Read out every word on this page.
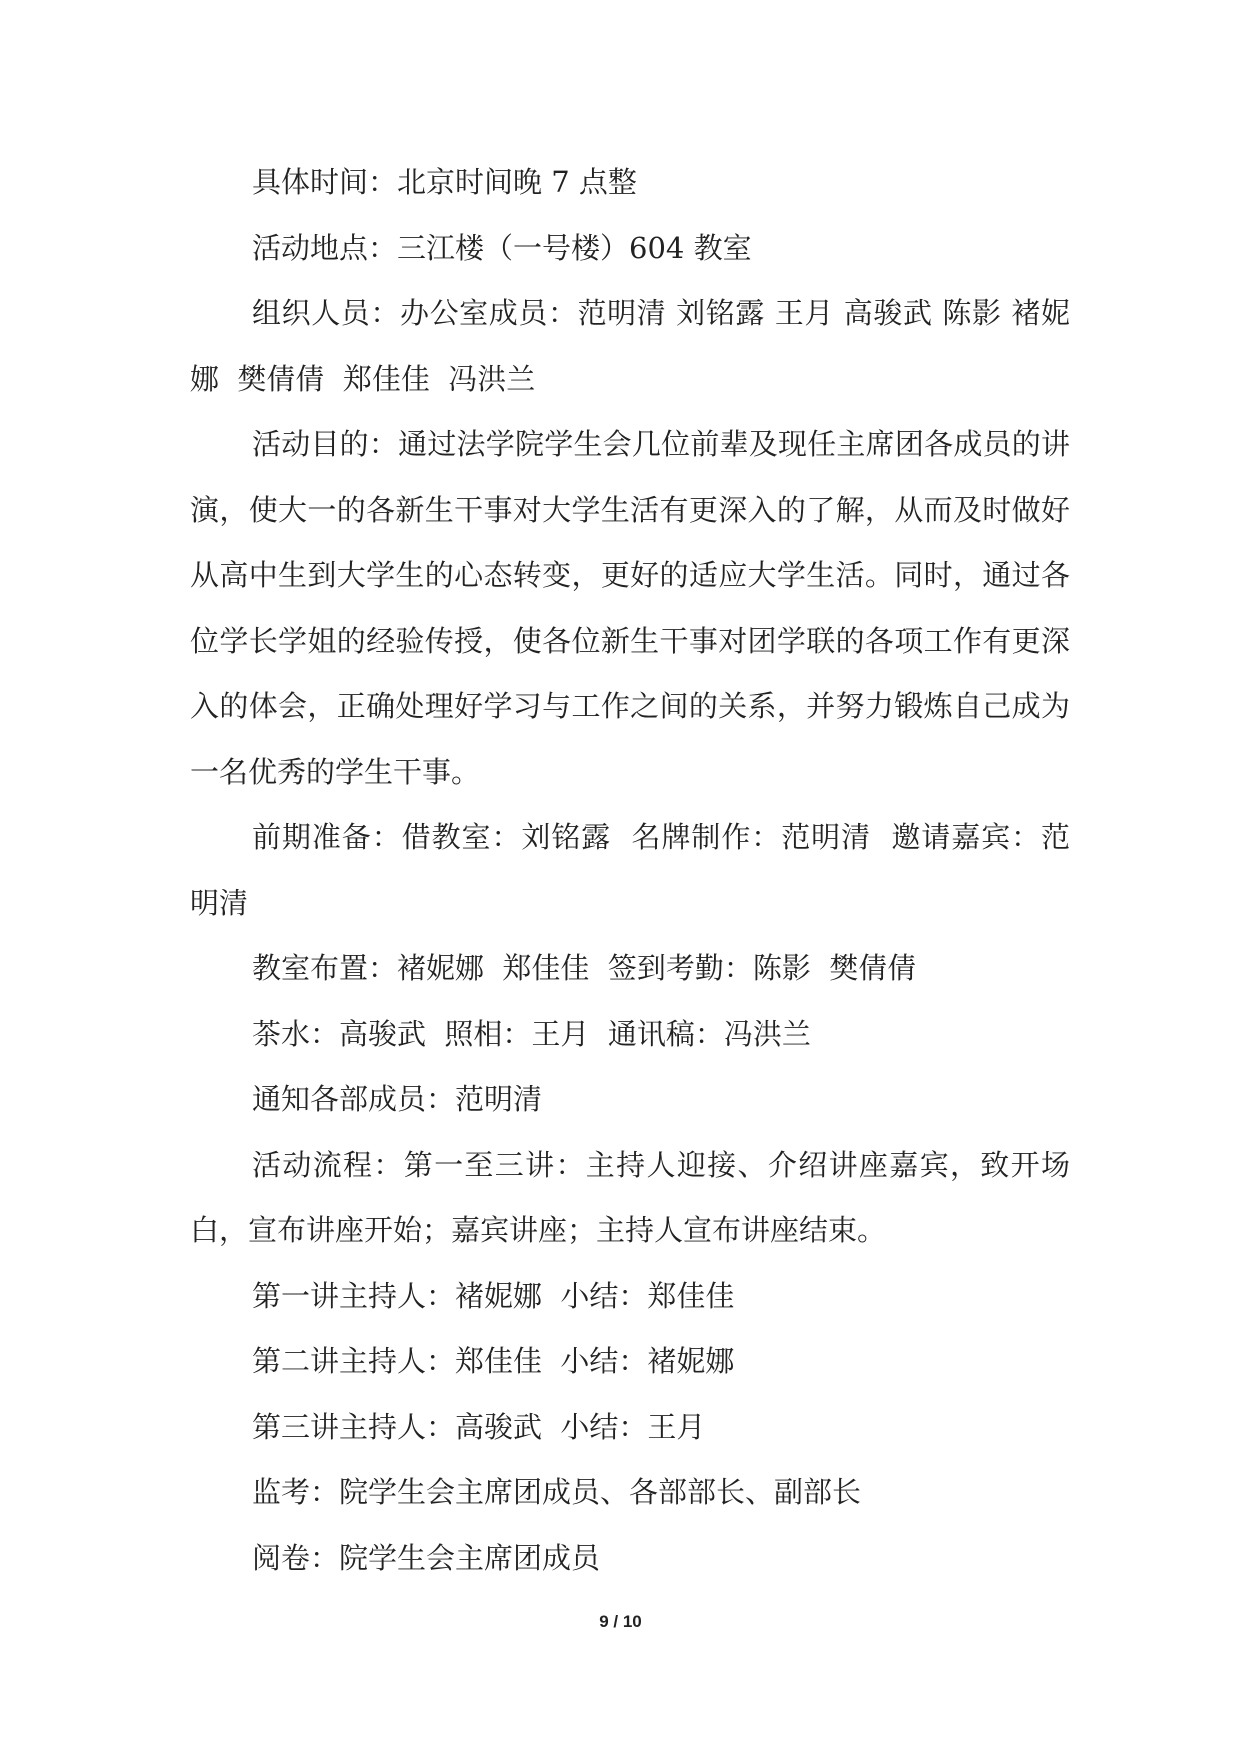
具体时间：北京时间晚 7 点整

活动地点：三江楼（一号楼）604 教室

组织人员：办公室成员：范明清 刘铭露 王月 高骏武 陈影 褚妮娜  樊倩倩  郑佳佳  冯洪兰

活动目的：通过法学院学生会几位前辈及现任主席团各成员的讲演，使大一的各新生干事对大学生活有更深入的了解，从而及时做好从高中生到大学生的心态转变，更好的适应大学生活。同时，通过各位学长学姐的经验传授，使各位新生干事对团学联的各项工作有更深入的体会，正确处理好学习与工作之间的关系，并努力锻炼自己成为一名优秀的学生干事。

前期准备：借教室：刘铭露  名牌制作：范明清  邀请嘉宾：范明清

教室布置：褚妮娜  郑佳佳  签到考勤：陈影  樊倩倩

茶水：高骏武  照相：王月  通讯稿：冯洪兰

通知各部成员：范明清

活动流程：第一至三讲：主持人迎接、介绍讲座嘉宾，致开场白，宣布讲座开始；嘉宾讲座；主持人宣布讲座结束。

第一讲主持人：褚妮娜  小结：郑佳佳

第二讲主持人：郑佳佳  小结：褚妮娜

第三讲主持人：高骏武  小结：王月

监考：院学生会主席团成员、各部部长、副部长

阅卷：院学生会主席团成员

9 / 10
